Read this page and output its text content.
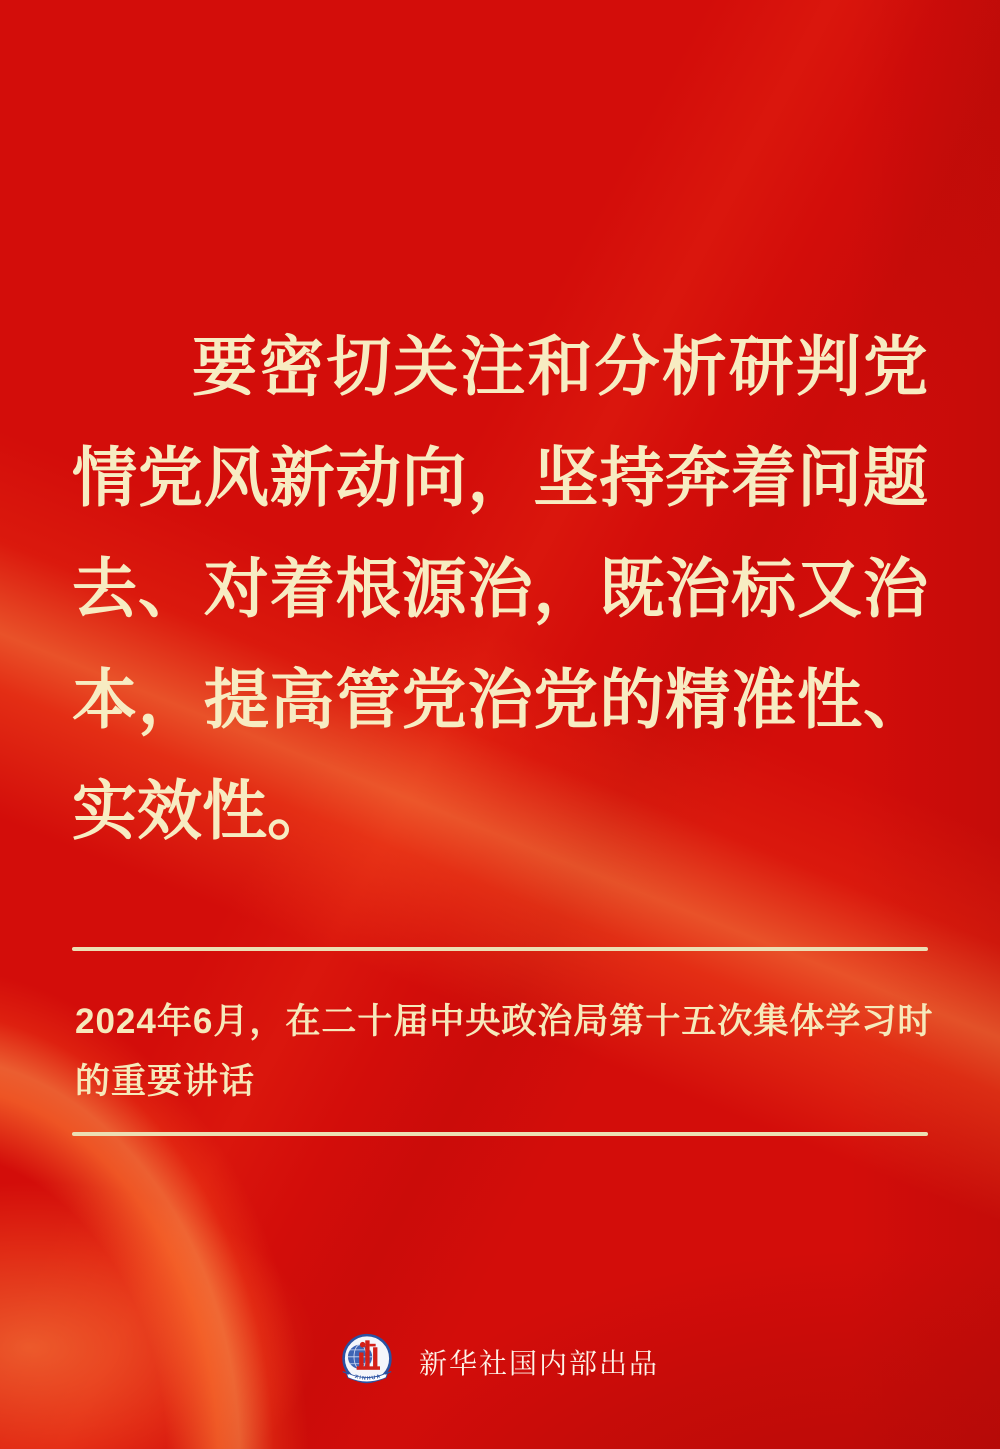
要密切关注和分析研判党
情党风新动向，坚持奔着问题
去、对着根源治，既治标又治
本，提高管党治党的精准性、
实效性。
2024年6月，在二十届中央政治局第十五次集体学习时
的重要讲话
XINHUA 新华社国内部出品
